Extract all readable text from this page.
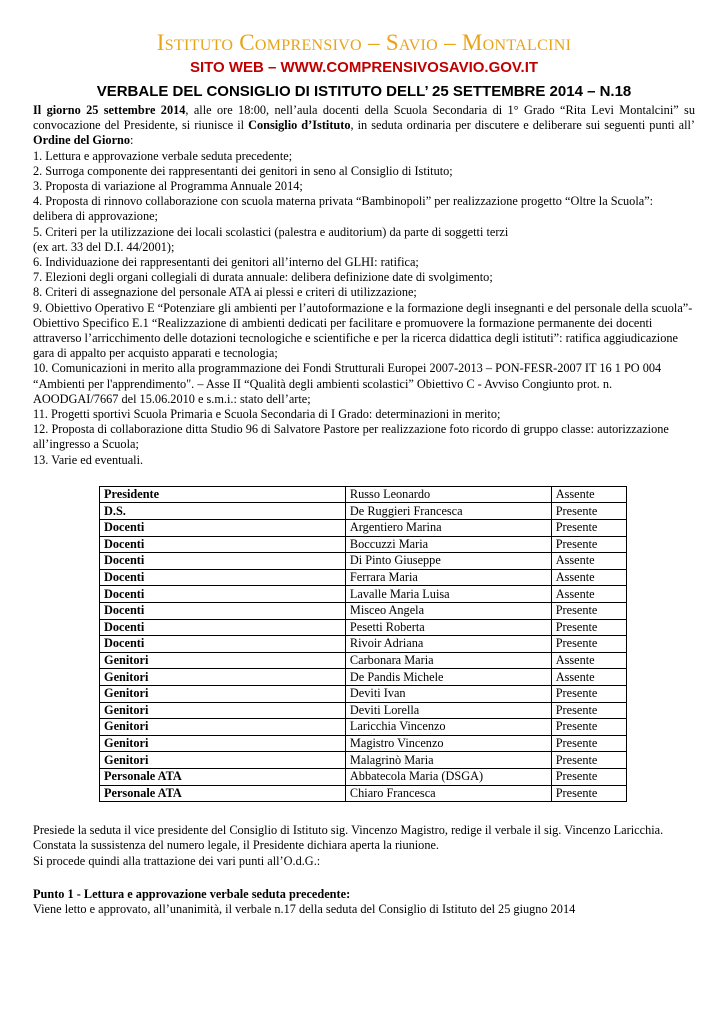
Istituto Comprensivo – Savio – Montalcini
SITO WEB – WWW.COMPRENSIVOSAVIO.GOV.IT
VERBALE DEL CONSIGLIO DI ISTITUTO DELL’ 25 SETTEMBRE 2014 – N.18
Il giorno 25 settembre 2014, alle ore 18:00, nell’aula docenti della Scuola Secondaria di 1° Grado “Rita Levi Montalcini” su convocazione del Presidente, si riunisce il Consiglio d’Istituto, in seduta ordinaria per discutere e deliberare sui seguenti punti all’ Ordine del Giorno:
1. Lettura e approvazione verbale seduta precedente;
2. Surroga componente dei rappresentanti dei genitori in seno al Consiglio di Istituto;
3. Proposta di variazione al Programma Annuale 2014;
4. Proposta di rinnovo collaborazione con scuola materna privata “Bambinopoli” per realizzazione progetto “Oltre la Scuola”: delibera di approvazione;
5. Criteri per la utilizzazione dei locali scolastici (palestra e auditorium) da parte di soggetti terzi
(ex art. 33 del D.I. 44/2001);
6. Individuazione dei rappresentanti dei genitori all’interno del GLHI: ratifica;
7. Elezioni degli organi collegiali di durata annuale: delibera definizione date di svolgimento;
8. Criteri di assegnazione del personale ATA ai plessi e criteri di utilizzazione;
9. Obiettivo Operativo E “Potenziare gli ambienti per l’autoformazione e la formazione degli insegnanti e del personale della scuola”- Obiettivo Specifico E.1 “Realizzazione di ambienti dedicati per facilitare e promuovere la formazione permanente dei docenti attraverso l’arricchimento delle dotazioni tecnologiche e scientifiche e per la ricerca didattica degli istituti”: ratifica aggiudicazione gara di appalto per acquisto apparati e tecnologia;
10. Comunicazioni in merito alla programmazione dei Fondi Strutturali Europei 2007-2013 – PON-FESR-2007 IT 16 1 PO 004 “Ambienti per l'apprendimento". – Asse II “Qualità degli ambienti scolastici” Obiettivo C - Avviso Congiunto prot. n. AOODGAI/7667 del 15.06.2010 e s.m.i.: stato dell’arte;
11. Progetti sportivi Scuola Primaria e Scuola Secondaria di I Grado: determinazioni in merito;
12. Proposta di collaborazione ditta Studio 96 di Salvatore Pastore per realizzazione foto ricordo di gruppo classe: autorizzazione all’ingresso a Scuola;
13. Varie ed eventuali.
Presidente	Russo Leonardo	Assente
D.S.	De Ruggieri Francesca	Presente
Docenti	Argentiero Marina	Presente
Docenti	Boccuzzi Maria	Presente
Docenti	Di Pinto Giuseppe	Assente
Docenti	Ferrara Maria	Assente
Docenti	Lavalle Maria Luisa	Assente
Docenti	Misceo Angela	Presente
Docenti	Pesetti Roberta	Presente
Docenti	Rivoir Adriana	Presente
Genitori	Carbonara Maria	Assente
Genitori	De Pandis Michele	Assente
Genitori	Deviti Ivan	Presente
Genitori	Deviti Lorella	Presente
Genitori	Laricchia Vincenzo	Presente
Genitori	Magistro Vincenzo	Presente
Genitori	Malagrinò Maria	Presente
Personale ATA	Abbatecola Maria (DSGA)	Presente
Personale ATA	Chiaro Francesca	Presente
Presiede la seduta il vice presidente del Consiglio di Istituto sig. Vincenzo Magistro, redige il verbale il sig. Vincenzo Laricchia.
Constata la sussistenza del numero legale, il Presidente dichiara aperta la riunione.
Si procede quindi alla trattazione dei vari punti all’O.d.G.:
Punto 1 - Lettura e approvazione verbale seduta precedente:
Viene letto e approvato, all’unanimità, il verbale n.17 della seduta del Consiglio di Istituto del 25 giugno 2014
